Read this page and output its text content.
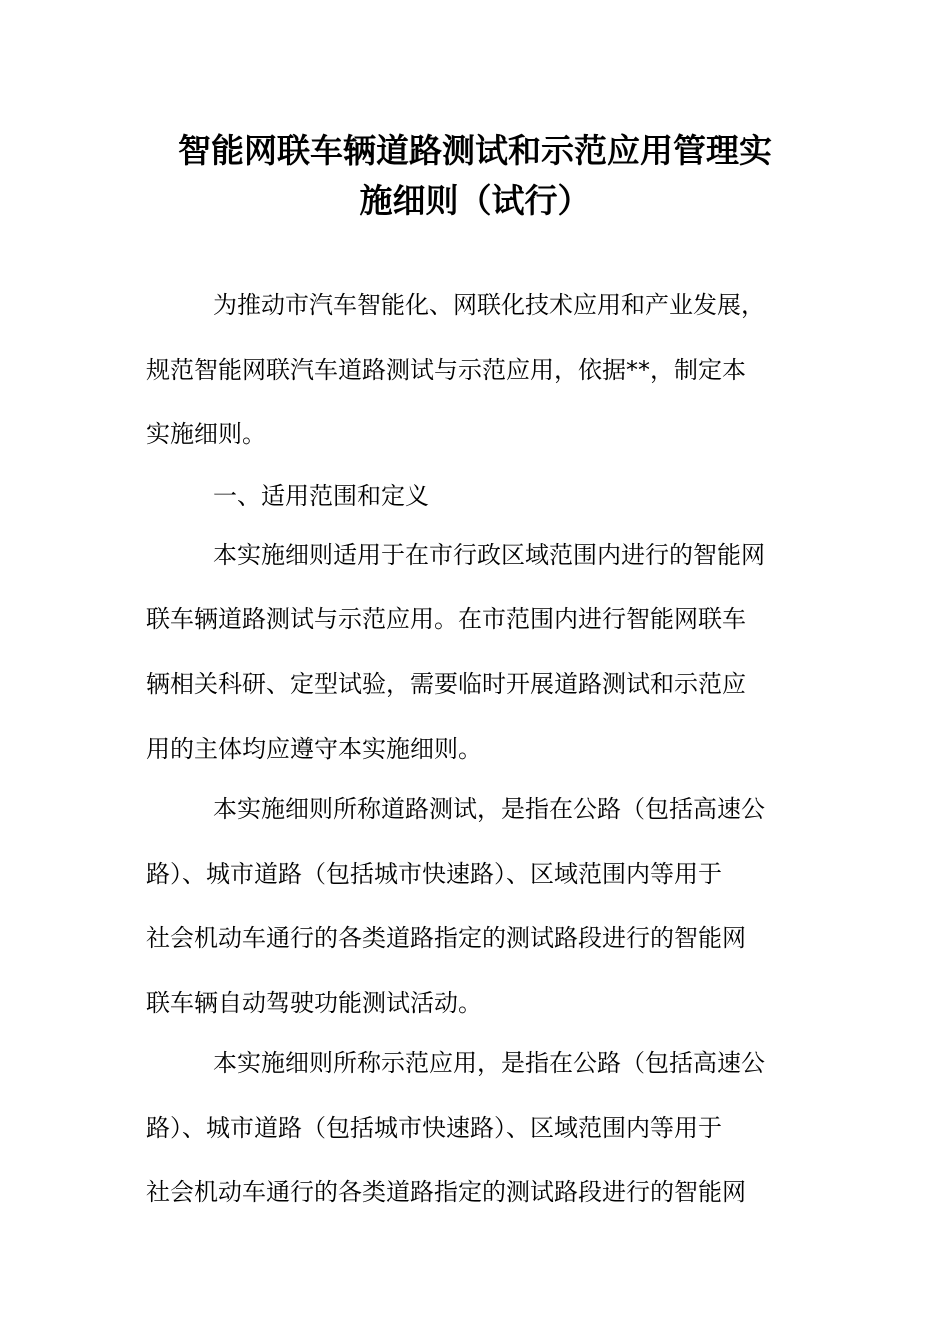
智能网联车辆道路测试和示范应用管理实
施细则（试行）

为推动市汽车智能化、网联化技术应用和产业发展，

规范智能网联汽车道路测试与示范应用，依据**，制定本

实施细则。

一、适用范围和定义

本实施细则适用于在市行政区域范围内进行的智能网

联车辆道路测试与示范应用。在市范围内进行智能网联车

辆相关科研、定型试验，需要临时开展道路测试和示范应

用的主体均应遵守本实施细则。

本实施细则所称道路测试，是指在公路（包括高速公

路）、城市道路（包括城市快速路）、区域范围内等用于

社会机动车通行的各类道路指定的测试路段进行的智能网

联车辆自动驾驶功能测试活动。

本实施细则所称示范应用，是指在公路（包括高速公

路）、城市道路（包括城市快速路）、区域范围内等用于

社会机动车通行的各类道路指定的测试路段进行的智能网
